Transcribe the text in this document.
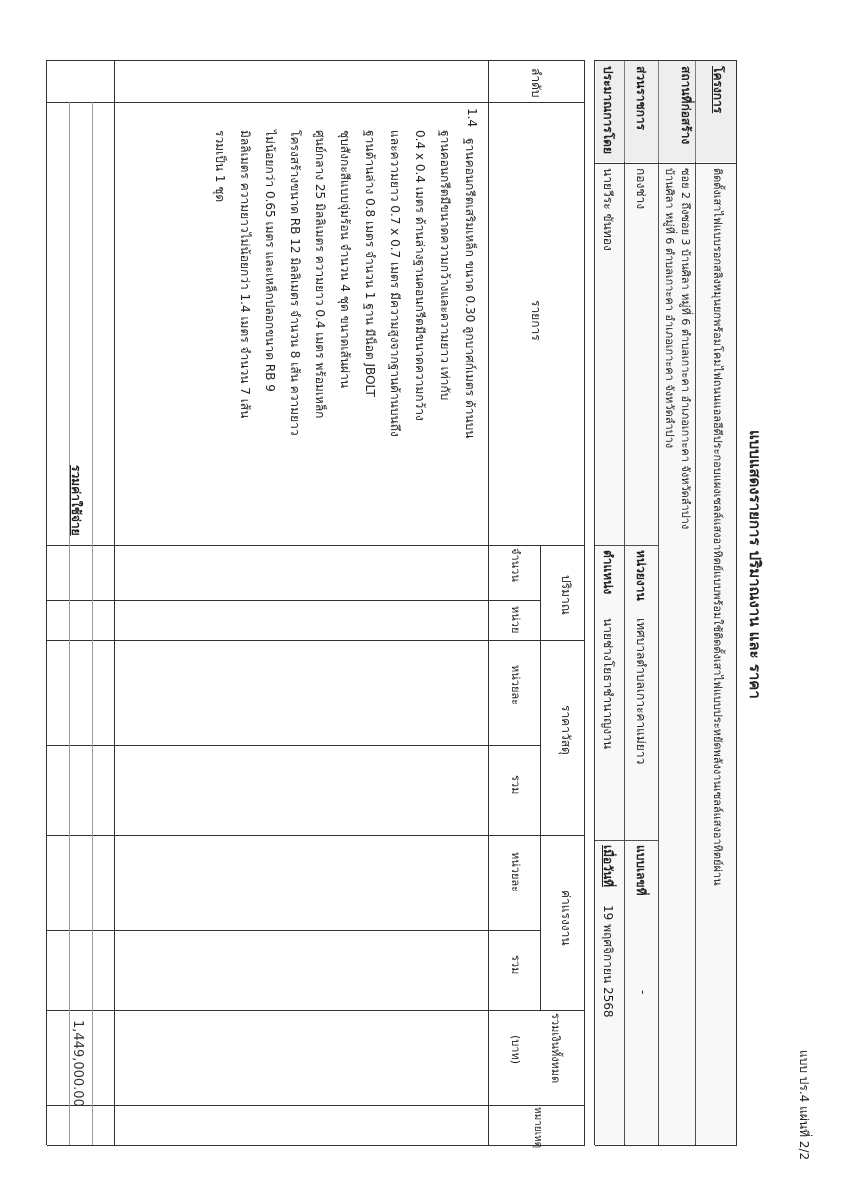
แบบ ปร.4 แผ่นที่ 2/2
แบบแสดงรายการ ปริมาณงาน และ ราคา
โครงการ
ติดตั้งเสาไฟแบบรอกสลิงหมุนยกพร้อมโคมไฟถนนแอลอีดีประกอบแผงเซลล์แสงอาทิตย์แบบพร้อมใช้ติดตั้งเสาไฟแบบประหยัดพลังงานเซลล์แสงอาทิตย์ผ่าน
สถานที่ก่อสร้าง
ซอย 2 ถึงซอย 3 บ้านศิลา หมู่ที่ 6 ตำบลเกาะคา อำเภอเกาะคา จังหวัดลำปาง
บ้านศิลา หมู่ที่ 6 ตำบลเกาะคา อำเภอเกาะคา จังหวัดลำปาง
ส่วนราชการ
กองช่าง
หน่วยงาน
เทศบาลตำบลเกาะคาแม่ยาว
แบบเลขที่
-
ประมาณการโดย
นายวีระ ขันทอง
ตำแหน่ง
นายช่างโยธาชำนาญงาน
เมื่อวันที่
19 พฤศจิกายน 2568
ลำดับ
รายการ
ปริมาณ
จำนวน
หน่วย
ราคาวัสดุ
หน่วยละ
รวม
ค่าแรงงาน
หน่วยละ
รวม
รวมเงินทั้งหมด
(บาท)
หมายเหตุ
1.4
ฐานคอนกรีตเสริมเหล็ก ขนาด 0.30 ลูกบาศก์เมตร ด้านบน
ฐานคอนกรีตมีขนาดความกว้างและความยาว เท่ากับ
0.4 x 0.4 เมตร ด้านล่างฐานคอนกรีตมีขนาดความกว้าง
และความยาว 0.7 x 0.7 เมตร มีความสูงจากฐานด้านบนถึง
ฐานด้านล่าง 0.8 เมตร จำนวน 1 ฐาน มีน็อต JBOLT
ชุบสังกะสีแบบจุ่มร้อน จำนวน 4 ชุด ขนาดเส้นผ่าน
ศูนย์กลาง 25 มิลลิเมตร ความยาว 0.4 เมตร พร้อมเหล็ก
โครงสร้างขนาด RB 12 มิลลิเมตร จำนวน 8 เส้น ความยาว
ไม่น้อยกว่า 0.65 เมตร และเหล็กปลอกขนาด RB 9
มิลลิเมตร ความยาวไม่น้อยกว่า 1.4 เมตร จำนวน 7 เส้น
รวมเป็น 1 ชุด
รวมค่าใช้จ่าย
1,449,000.00
